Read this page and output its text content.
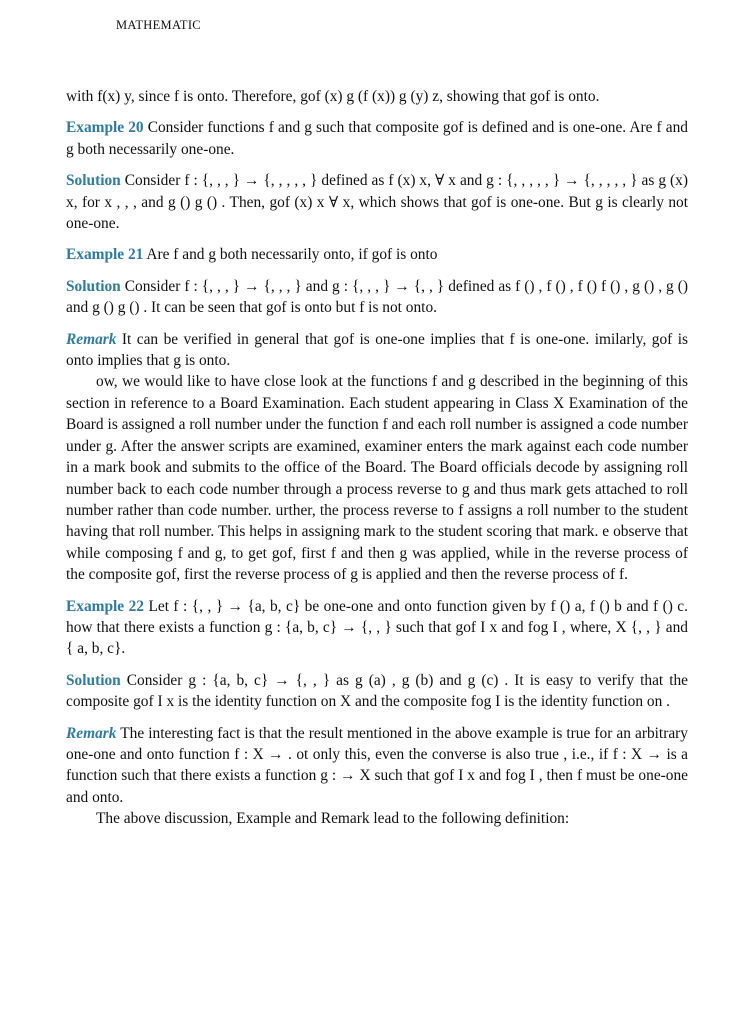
MATHEMATIC

with f(x) y, since f is onto. Therefore, gof (x) g (f (x)) g (y) z, showing that gof is onto.

Example 20 Consider functions f and g such that composite gof is defined and is one-one. Are f and g both necessarily one-one.

Solution Consider f : {, , , } → {, , , , , } defined as f (x) x, ∀ x and g : {, , , , , } → {, , , , , } as g (x) x, for x , , , and g () g () . Then, gof (x) x ∀ x, which shows that gof is one-one. But g is clearly not one-one.

Example 21 Are f and g both necessarily onto, if gof is onto

Solution Consider f : {, , , } → {, , , } and g : {, , , } → {, , } defined as f () , f () , f () f () , g () , g () and g () g () . It can be seen that gof is onto but f is not onto.

Remark It can be verified in general that gof is one-one implies that f is one-one. imilarly, gof is onto implies that g is onto.

ow, we would like to have close look at the functions f and g described in the beginning of this section in reference to a Board Examination. Each student appearing in Class X Examination of the Board is assigned a roll number under the function f and each roll number is assigned a code number under g. After the answer scripts are examined, examiner enters the mark against each code number in a mark book and submits to the office of the Board. The Board officials decode by assigning roll number back to each code number through a process reverse to g and thus mark gets attached to roll number rather than code number. urther, the process reverse to f assigns a roll number to the student having that roll number. This helps in assigning mark to the student scoring that mark. e observe that while composing f and g, to get gof, first f and then g was applied, while in the reverse process of the composite gof, first the reverse process of g is applied and then the reverse process of f.

Example 22 Let f : {, , } → {a, b, c} be one-one and onto function given by f () a, f () b and f () c. how that there exists a function g : {a, b, c} → {, , } such that gof I x and fog I , where, X {, , } and { a, b, c}.

Solution Consider g : {a, b, c} → {, , } as g (a) , g (b) and g (c) . It is easy to verify that the composite gof I x is the identity function on X and the composite fog I is the identity function on .

Remark The interesting fact is that the result mentioned in the above example is true for an arbitrary one-one and onto function f : X → . ot only this, even the converse is also true , i.e., if f : X → is a function such that there exists a function g : → X such that gof I x and fog I , then f must be one-one and onto.

The above discussion, Example and Remark lead to the following definition:
